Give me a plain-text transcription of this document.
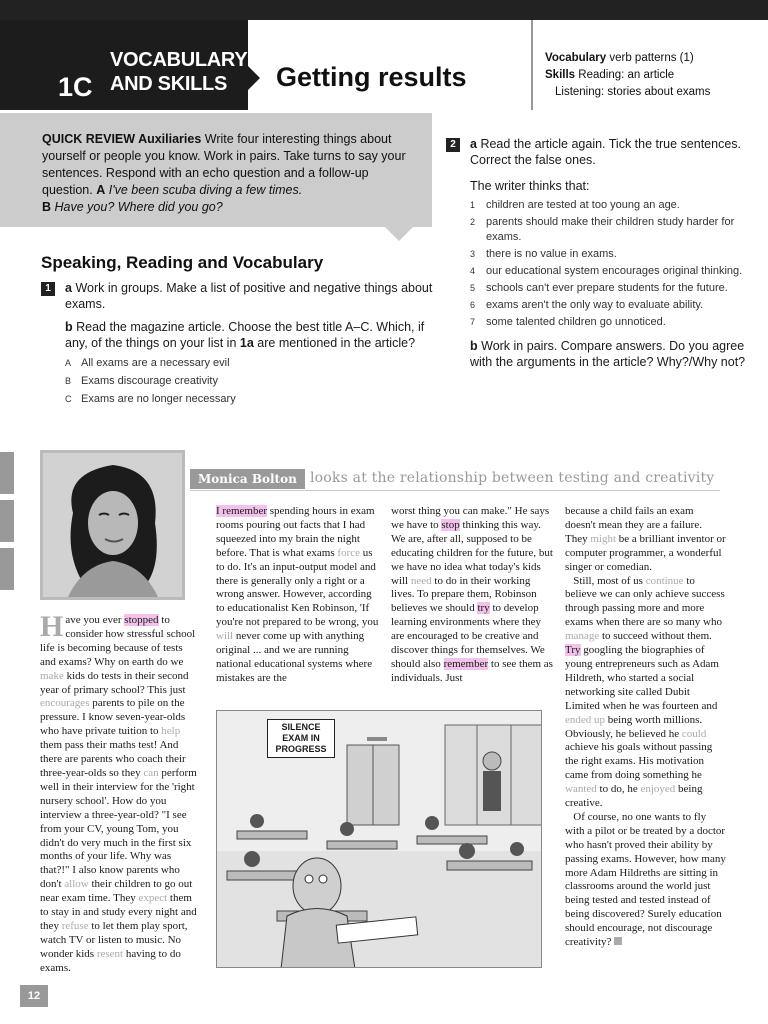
1C
VOCABULARY
AND SKILLS	Getting results
Vocabulary verb patterns (1)
Skills Reading: an article
Listening: stories about exams
QUICK REVIEW Auxiliaries Write four interesting things about yourself or people you know. Work in pairs. Take turns to say your sentences. Respond with an echo question and a follow-up question. A I've been scuba diving a few times.
B Have you? Where did you go?
Speaking, Reading and Vocabulary
1	a Work in groups. Make a list of positive and negative things about exams.
b Read the magazine article. Choose the best title A–C. Which, if any, of the things on your list in 1a are mentioned in the article?
A All exams are a necessary evil
B Exams discourage creativity
C Exams are no longer necessary
2	a Read the article again. Tick the true sentences. Correct the false ones.
The writer thinks that:
1 children are tested at too young an age.
2 parents should make their children study harder for exams.
3 there is no value in exams.
4 our educational system encourages original thinking.
5 schools can't ever prepare students for the future.
6 exams aren't the only way to evaluate ability.
7 some talented children go unnoticed.
b Work in pairs. Compare answers. Do you agree with the arguments in the article? Why?/Why not?
Monica Bolton looks at the relationship between testing and creativity
Have you ever stopped to consider how stressful school life is becoming because of tests and exams? Why on earth do we make kids do tests in their second year of primary school? This just encourages parents to pile on the pressure. I know seven-year-olds who have private tuition to help them pass their maths test! And there are parents who coach their three-year-olds so they can perform well in their interview for the 'right nursery school'. How do you interview a three-year-old? "I see from your CV, young Tom, you didn't do very much in the first six months of your life. Why was that?!" I also know parents who don't allow their children to go out near exam time. They expect them to stay in and study every night and they refuse to let them play sport, watch TV or listen to music. No wonder kids resent having to do exams.
I remember spending hours in exam rooms pouring out facts that I had squeezed into my brain the night before. That is what exams force us to do. It's an input-output model and there is generally only a right or a wrong answer. However, according to educationalist Ken Robinson, 'If you're not prepared to be wrong, you will never come up with anything original ... and we are running national educational systems where mistakes are the
worst thing you can make." He says we have to stop thinking this way. We are, after all, supposed to be educating children for the future, but we have no idea what today's kids will need to do in their working lives. To prepare them, Robinson believes we should try to develop learning environments where they are encouraged to be creative and discover things for themselves. We should also remember to see them as individuals. Just
because a child fails an exam doesn't mean they are a failure. They might be a brilliant inventor or computer programmer, a wonderful singer or comedian.
Still, most of us continue to believe we can only achieve success through passing more and more exams when there are so many who manage to succeed without them. Try googling the biographies of young entrepreneurs such as Adam Hildreth, who started a social networking site called Dubit Limited when he was fourteen and ended up being worth millions. Obviously, he believed he could achieve his goals without passing the right exams. His motivation came from doing something he wanted to do, he enjoyed being creative.
Of course, no one wants to fly with a pilot or be treated by a doctor who hasn't proved their ability by passing exams. However, how many more Adam Hildreths are sitting in classrooms around the world just being tested and tested instead of being discovered? Surely education should encourage, not discourage creativity?
SILENCE
EXAM IN
PROGRESS
12
